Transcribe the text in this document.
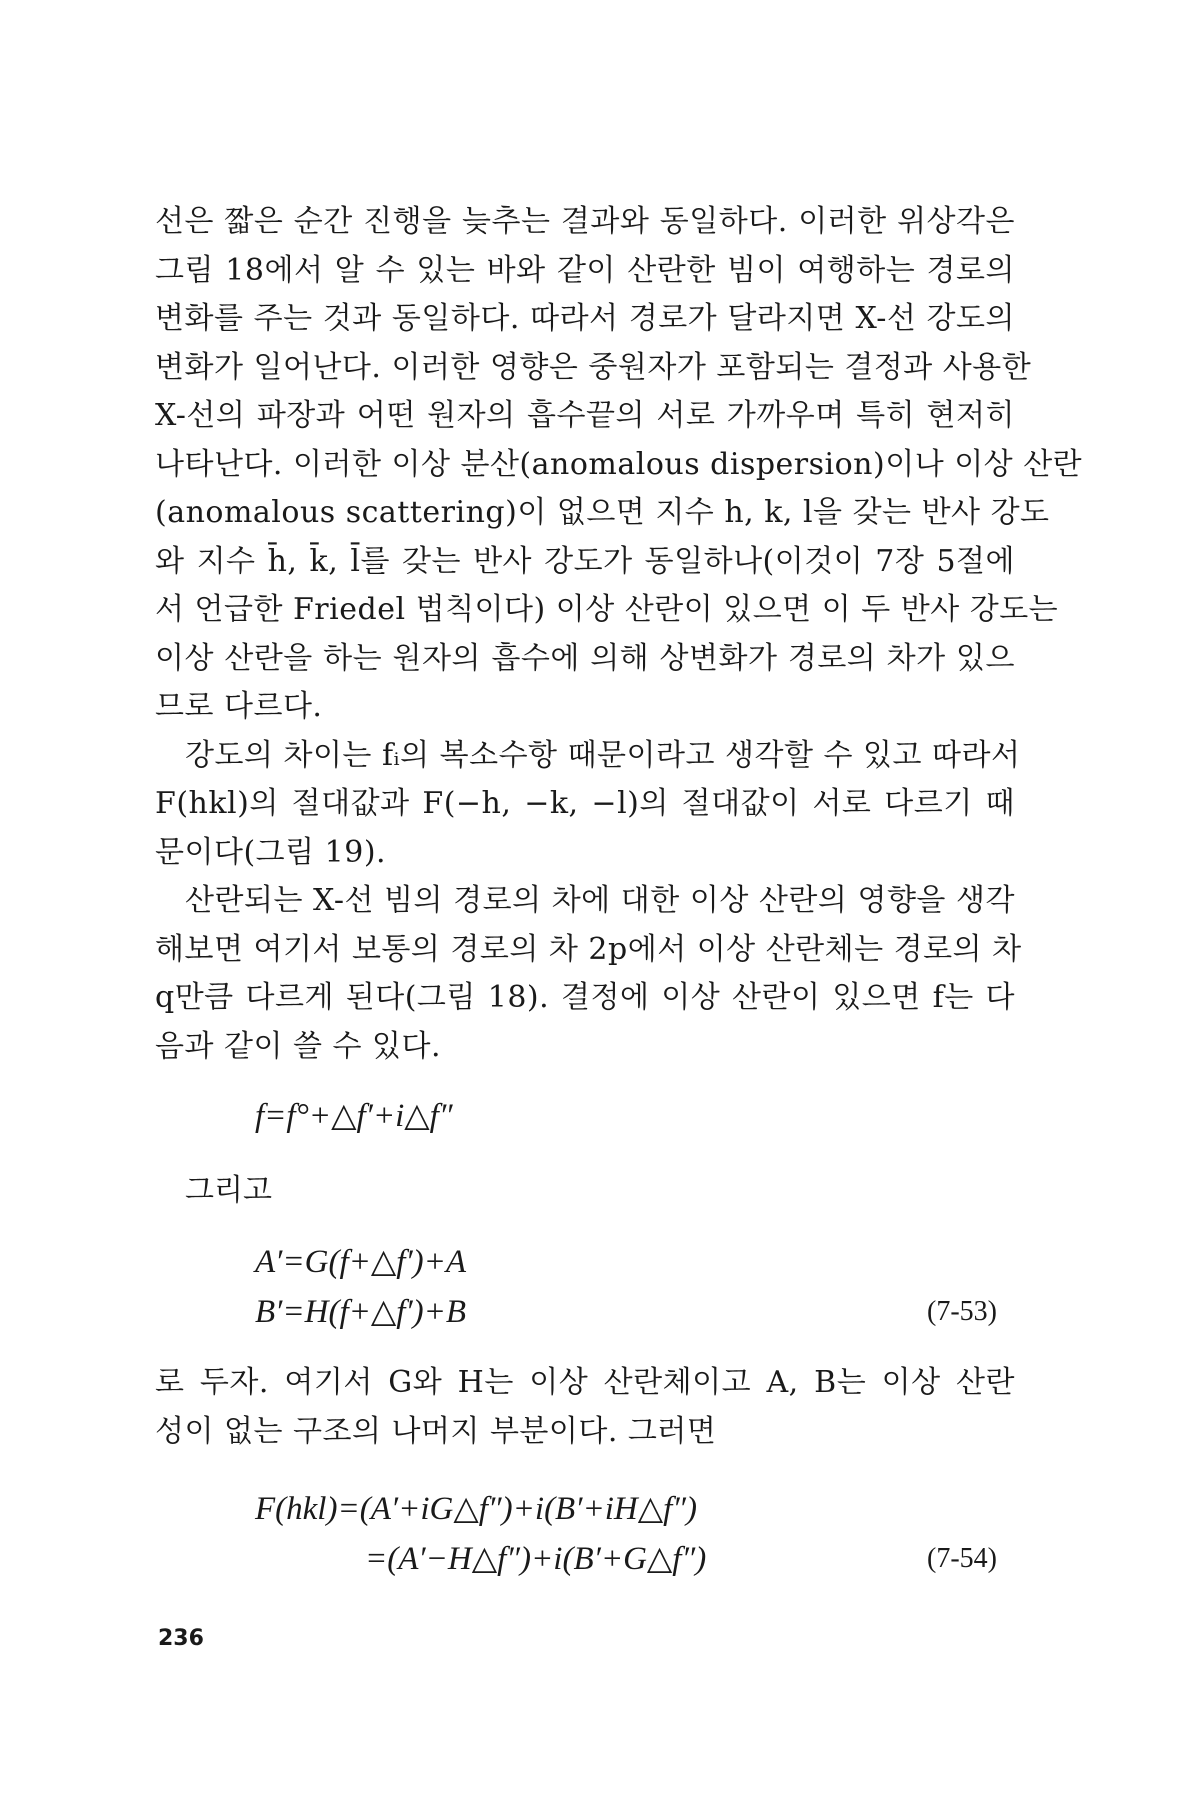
선은 짧은 순간 진행을 늦추는 결과와 동일하다. 이러한 위상각은
그림 18에서 알 수 있는 바와 같이 산란한 빔이 여행하는 경로의
변화를 주는 것과 동일하다. 따라서 경로가 달라지면 X-선 강도의
변화가 일어난다. 이러한 영향은 중원자가 포함되는 결정과 사용한
X-선의 파장과 어떤 원자의 흡수끝의 서로 가까우며 특히 현저히
나타난다. 이러한 이상 분산(anomalous dispersion)이나 이상 산란
(anomalous scattering)이 없으면 지수 h, k, l을 갖는 반사 강도
와 지수 h̄, k̄, l̄를 갖는 반사 강도가 동일하나(이것이 7장 5절에
서 언급한 Friedel 법칙이다) 이상 산란이 있으면 이 두 반사 강도는
이상 산란을 하는 원자의 흡수에 의해 상변화가 경로의 차가 있으
므로 다르다.
강도의 차이는 fᵢ의 복소수항 때문이라고 생각할 수 있고 따라서
F(hkl)의 절대값과 F(−h, −k, −l)의 절대값이 서로 다르기 때
문이다(그림 19).
산란되는 X-선 빔의 경로의 차에 대한 이상 산란의 영향을 생각
해보면 여기서 보통의 경로의 차 2p에서 이상 산란체는 경로의 차
q만큼 다르게 된다(그림 18). 결정에 이상 산란이 있으면 f는 다
음과 같이 쓸 수 있다.
f=f°+△f′+i△f″
그리고
A′=G(f+△f′)+A
B′=H(f+△f′)+B	(7-53)
로 두자. 여기서 G와 H는 이상 산란체이고 A, B는 이상 산란
성이 없는 구조의 나머지 부분이다. 그러면
F(hkl)=(A′+iG△f″)+i(B′+iH△f″)
=(A′−H△f″)+i(B′+G△f″)	(7-54)
236
